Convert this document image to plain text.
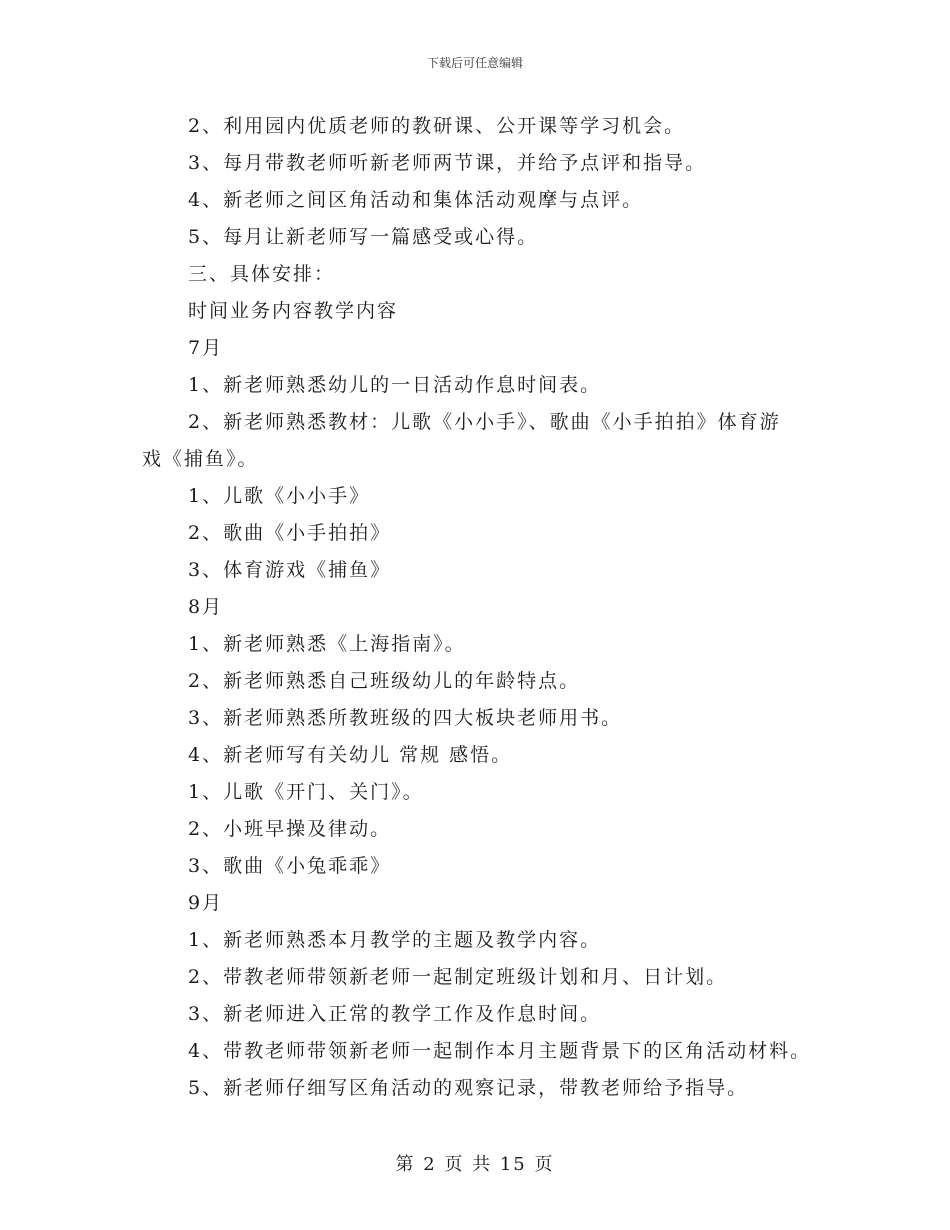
下载后可任意编辑
2、利用园内优质老师的教研课、公开课等学习机会。
3、每月带教老师听新老师两节课，并给予点评和指导。
4、新老师之间区角活动和集体活动观摩与点评。
5、每月让新老师写一篇感受或心得。
三、具体安排：
时间业务内容教学内容
7月
1、新老师熟悉幼儿的一日活动作息时间表。
2、新老师熟悉教材：儿歌《小小手》、歌曲《小手拍拍》体育游
戏《捕鱼》。
1、儿歌《小小手》
2、歌曲《小手拍拍》
3、体育游戏《捕鱼》
8月
1、新老师熟悉《上海指南》。
2、新老师熟悉自己班级幼儿的年龄特点。
3、新老师熟悉所教班级的四大板块老师用书。
4、新老师写有关幼儿 常规 感悟。
1、儿歌《开门、关门》。
2、小班早操及律动。
3、歌曲《小兔乖乖》
9月
1、新老师熟悉本月教学的主题及教学内容。
2、带教老师带领新老师一起制定班级计划和月、日计划。
3、新老师进入正常的教学工作及作息时间。
4、带教老师带领新老师一起制作本月主题背景下的区角活动材料。
5、新老师仔细写区角活动的观察记录，带教老师给予指导。
第 2 页 共 15 页
